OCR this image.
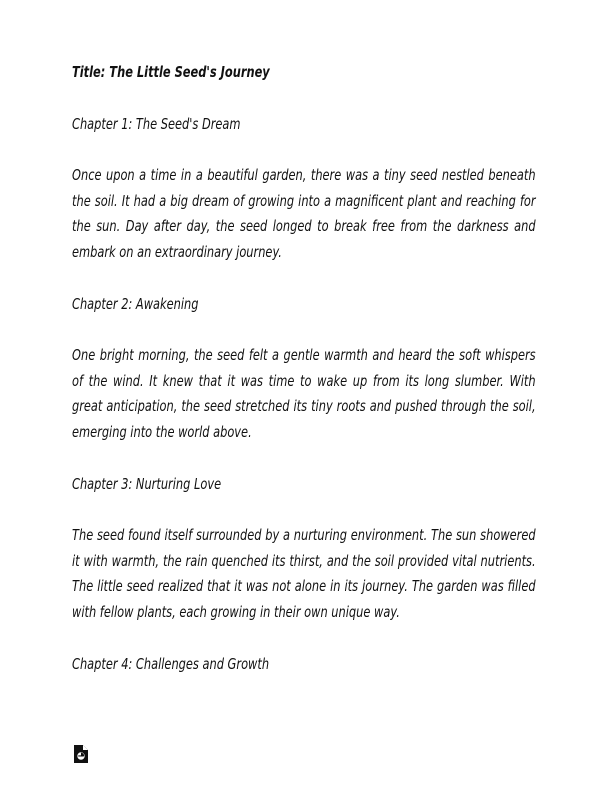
Title: The Little Seed's Journey
Chapter 1: The Seed's Dream

Once upon a time in a beautiful garden, there was a tiny seed nestled beneath the soil. It had a big dream of growing into a magnificent plant and reaching for the sun. Day after day, the seed longed to break free from the darkness and embark on an extraordinary journey.

Chapter 2: Awakening

One bright morning, the seed felt a gentle warmth and heard the soft whispers of the wind. It knew that it was time to wake up from its long slumber. With great anticipation, the seed stretched its tiny roots and pushed through the soil, emerging into the world above.

Chapter 3: Nurturing Love

The seed found itself surrounded by a nurturing environment. The sun showered it with warmth, the rain quenched its thirst, and the soil provided vital nutrients. The little seed realized that it was not alone in its journey. The garden was filled with fellow plants, each growing in their own unique way.

Chapter 4: Challenges and Growth
